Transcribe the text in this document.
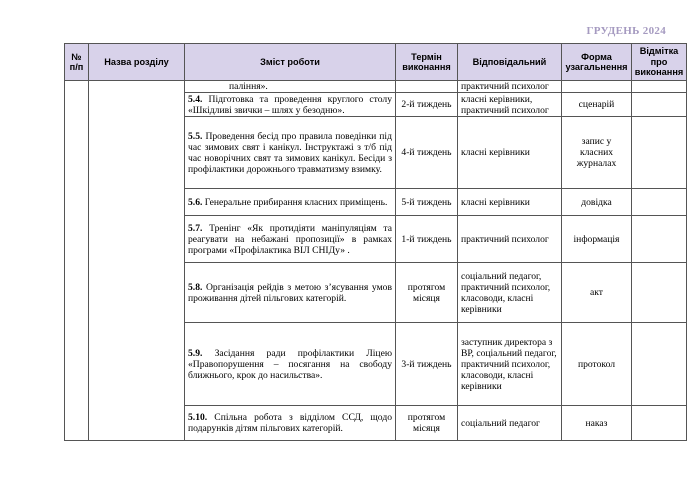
ГРУДЕНЬ 2024
№ п/п	Назва розділу	Зміст роботи	Термін виконання	Відповідальний	Форма узагальнення	Відмітка про виконання
		паління».		практичний психолог		
		5.4. Підготовка та проведення круглого столу «Шкідливі звички – шлях у безодню».	2-й тиждень	класні керівники, практичний психолог	сценарій	
		5.5. Проведення бесід про правила поведінки під час зимових свят і канікул. Інструктажі з т/б під час новорічних свят та зимових канікул. Бесіди з профілактики дорожнього травматизму взимку.	4-й тиждень	класні керівники	запис у класних журналах	
		5.6. Генеральне прибирання класних приміщень.	5-й тиждень	класні керівники	довідка	
		5.7. Тренінг «Як протидіяти маніпуляціям та реагувати на небажані пропозиції» в рамках програми «Профілактика ВІЛ СНІДу» .	1-й тиждень	практичний психолог	інформація	
		5.8. Організація рейдів з метою з’ясування умов проживання дітей пільгових категорій.	протягом місяця	соціальний педагог, практичний психолог, класоводи, класні керівники	акт	
		5.9. Засідання ради профілактики Ліцею «Правопорушення – посягання на свободу ближнього, крок до насильства».	3-й тиждень	заступник директора з ВР, соціальний педагог, практичний психолог, класоводи, класні керівники	протокол	
		5.10. Спільна робота з відділом ССД, щодо подарунків дітям пільгових категорій.	протягом місяця	соціальний педагог	наказ	
